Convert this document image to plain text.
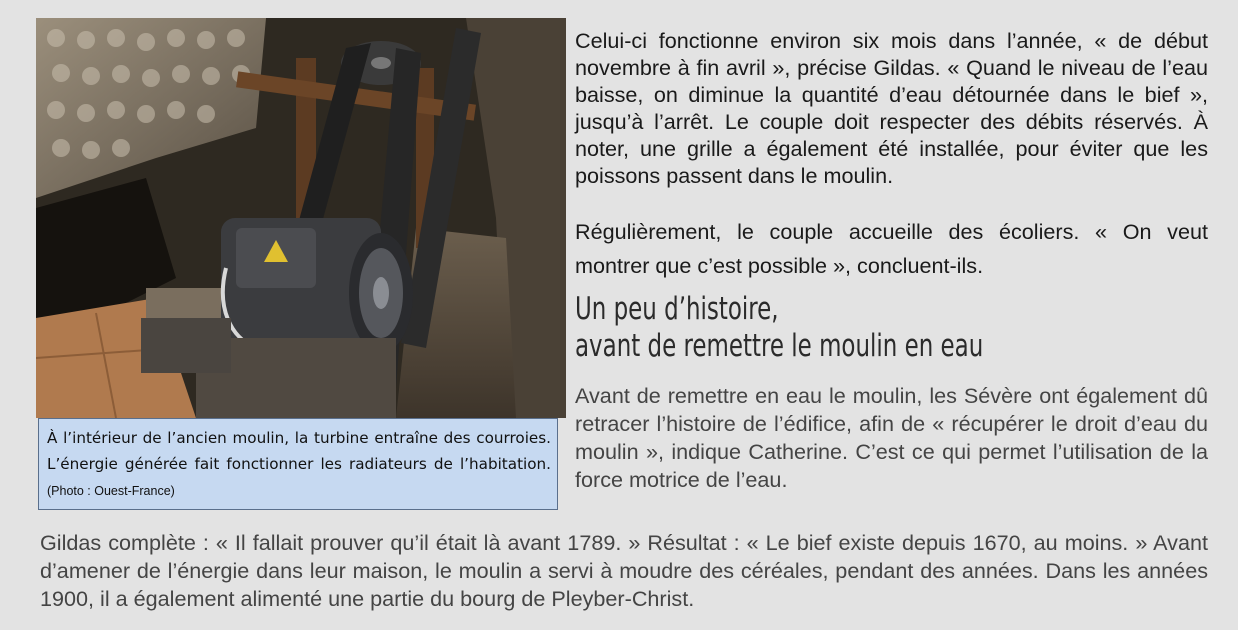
À l’intérieur de l’ancien moulin, la turbine entraîne des courroies. L’énergie générée fait fonctionner les radiateurs de l’habitation. (Photo : Ouest-France)
Celui-ci fonctionne environ six mois dans l’année, « de début novembre à fin avril », précise Gildas. « Quand le niveau de l’eau baisse, on diminue la quantité d’eau détournée dans le bief », jusqu’à l’arrêt. Le couple doit respecter des débits réservés. À noter, une grille a également été installée, pour éviter que les poissons passent dans le moulin.
Régulièrement, le couple accueille des écoliers. « On veut montrer que c’est possible », concluent-ils.
Un peu d’histoire,
avant de remettre le moulin en eau
Avant de remettre en eau le moulin, les Sévère ont également dû retracer l’histoire de l’édifice, afin de « récupérer le droit d’eau du moulin », indique Catherine. C’est ce qui permet l’utilisation de la force motrice de l’eau.
Gildas complète : « Il fallait prouver qu’il était là avant 1789. » Résultat : « Le bief existe depuis 1670, au moins. » Avant d’amener de l’énergie dans leur maison, le moulin a servi à moudre des céréales, pendant des années. Dans les années 1900, il a également alimenté une partie du bourg de Pleyber-Christ.
